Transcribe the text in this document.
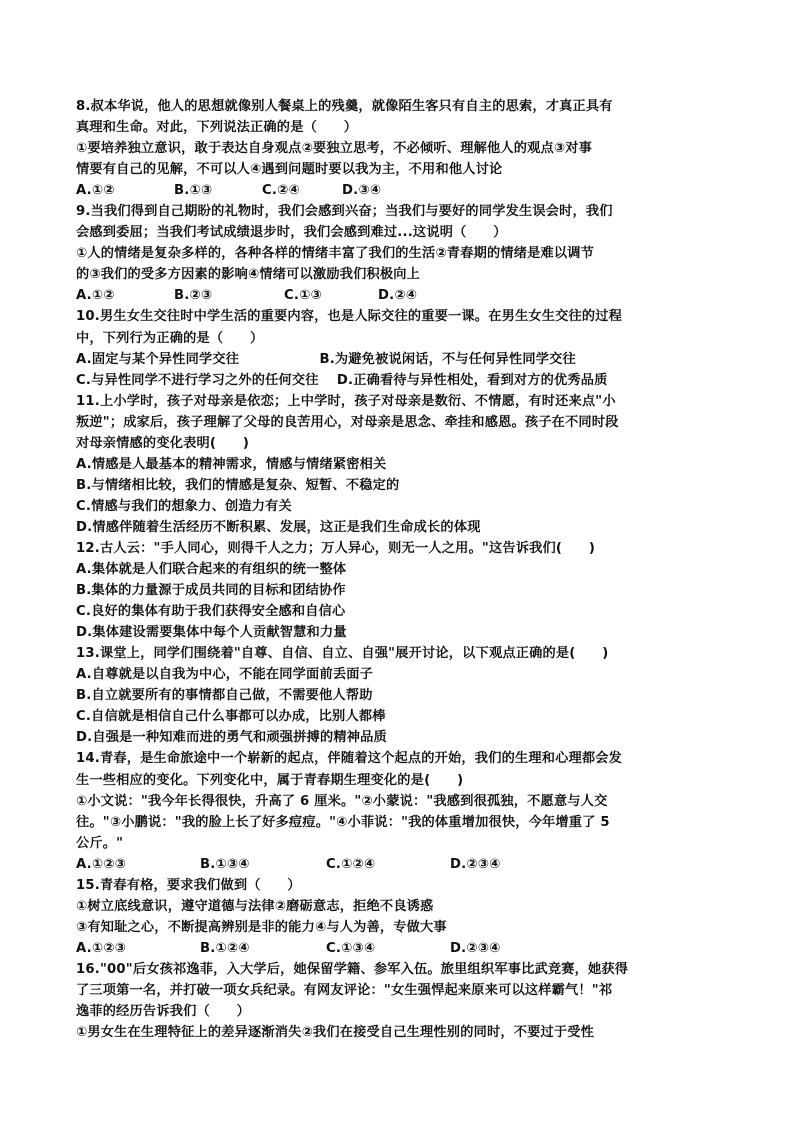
8.叔本华说，他人的思想就像别人餐桌上的残羹，就像陌生客只有自主的思索，才真正具有
真理和生命。对此，下列说法正确的是（　　）
①要培养独立意识，敢于表达自身观点②要独立思考，不必倾听、理解他人的观点③对事
情要有自己的见解，不可以人④遇到问题时要以我为主，不用和他人讨论
A.①②	B.①③	C.②④	D.③④
9.当我们得到自己期盼的礼物时，我们会感到兴奋；当我们与要好的同学发生误会时，我们
会感到委屈；当我们考试成绩退步时，我们会感到难过...这说明（　　）
①人的情绪是复杂多样的，各种各样的情绪丰富了我们的生活②青春期的情绪是难以调节
的③我们的受多方因素的影响④情绪可以激励我们积极向上
A.①②	B.②③	C.①③	D.②④
10.男生女生交往时中学生活的重要内容，也是人际交往的重要一课。在男生女生交往的过程
中，下列行为正确的是（　　）
A.固定与某个异性同学交往　　　　　　B.为避免被说闲话，不与任何异性同学交往
C.与异性同学不进行学习之外的任何交往　 D.正确看待与异性相处，看到对方的优秀品质
11.上小学时，孩子对母亲是依恋；上中学时，孩子对母亲是数衍、不情愿，有时还来点"小
叛逆"；成家后，孩子理解了父母的良苦用心，对母亲是思念、牵挂和感恩。孩子在不同时段
对母亲情感的变化表明(　　)
A.情感是人最基本的精神需求，情感与情绪紧密相关
B.与情绪相比较，我们的情感是复杂、短暂、不稳定的
C.情感与我们的想象力、创造力有关
D.情感伴随着生活经历不断积累、发展，这正是我们生命成长的体现
12.古人云："手人同心，则得千人之力；万人异心，则无一人之用。"这告诉我们(　　)
A.集体就是人们联合起来的有组织的统一整体
B.集体的力量源于成员共同的目标和团结协作
C.良好的集体有助于我们获得安全感和自信心
D.集体建设需要集体中每个人贡献智慧和力量
13.课堂上，同学们围绕着"自尊、自信、自立、自强"展开讨论，以下观点正确的是(　　)
A.自尊就是以自我为中心，不能在同学面前丢面子
B.自立就要所有的事情都自己做，不需要他人帮助
C.自信就是相信自己什么事都可以办成，比别人都棒
D.自强是一种知难而进的勇气和顽强拼搏的精神品质
14.青春，是生命旅途中一个崭新的起点，伴随着这个起点的开始，我们的生理和心理都会发
生一些相应的变化。下列变化中，属于青春期生理变化的是(　　)
①小文说："我今年长得很快，升高了 6 厘米。"②小蒙说："我感到很孤独，不愿意与人交
往。"③小鹏说："我的脸上长了好多痘痘。"④小菲说："我的体重增加很快，今年增重了 5
公斤。"
A.①②③	B.①③④	C.①②④	D.②③④
15.青春有格，要求我们做到（　　）
①树立底线意识，遵守道德与法律②磨砺意志，拒绝不良诱惑
③有知耻之心，不断提高辨别是非的能力④与人为善，专做大事
A.①②③	B.①②④	C.①③④	D.②③④
16."00"后女孩祁逸菲，入大学后，她保留学籍、参军入伍。旅里组织军事比武竞赛，她获得
了三项第一名，并打破一项女兵纪录。有网友评论："女生强悍起来原来可以这样霸气！"祁
逸菲的经历告诉我们（　　）
①男女生在生理特征上的差异逐渐消失②我们在接受自己生理性别的同时，不要过于受性
